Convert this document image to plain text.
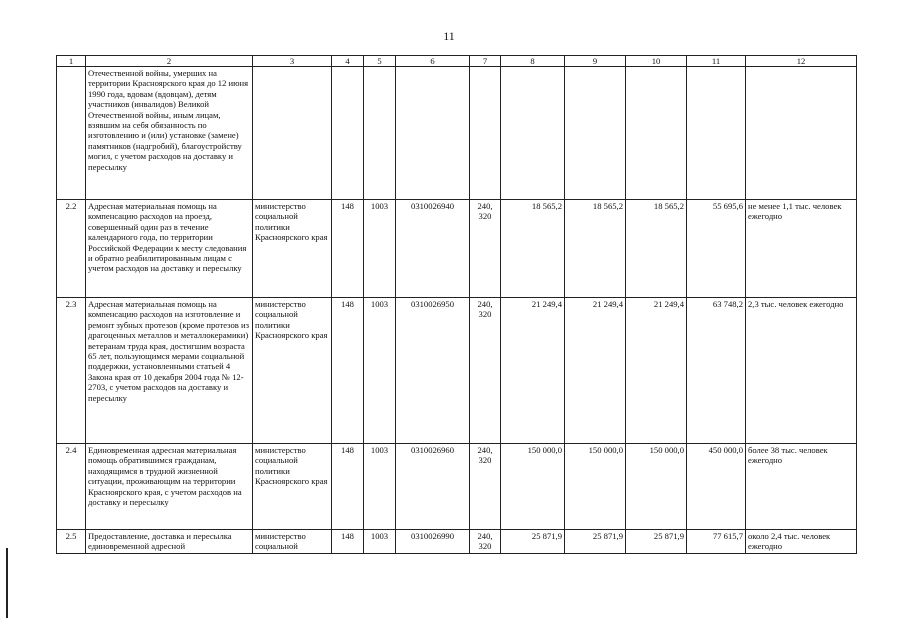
11
1	2	3	4	5	6	7	8	9	10	11	12
	Отечественной войны, умерших на территории Красноярского края до 12 июня 1990 года, вдовам (вдовцам), детям участников (инвалидов) Великой Отечественной войны, иным лицам, взявшим на себя обязанность по изготовлению и (или) установке (замене) памятников (надгробий), благоустройству могил, с учетом расходов на доставку и пересылку										
2.2	Адресная материальная помощь на компенсацию расходов на проезд, совершенный один раз в течение календарного года, по территории Российской Федерации к месту следования и обратно реабилитированным лицам с учетом расходов на доставку и пересылку	министерство социальной политики Красноярского края	148	1003	0310026940	240, 320	18 565,2	18 565,2	18 565,2	55 695,6	не менее 1,1 тыс. человек ежегодно
2.3	Адресная материальная помощь на компенсацию расходов на изготовление и ремонт зубных протезов (кроме протезов из драгоценных металлов и металлокерамики) ветеранам труда края, достигшим возраста 65 лет, пользующимся мерами социальной поддержки, установленными статьей 4 Закона края от 10 декабря 2004 года № 12-2703, с учетом расходов на доставку и пересылку	министерство социальной политики Красноярского края	148	1003	0310026950	240, 320	21 249,4	21 249,4	21 249,4	63 748,2	2,3 тыс. человек ежегодно
2.4	Единовременная адресная материальная помощь обратившимся гражданам, находящимся в трудной жизненной ситуации, проживающим на территории Красноярского края, с учетом расходов на доставку и пересылку	министерство социальной политики Красноярского края	148	1003	0310026960	240, 320	150 000,0	150 000,0	150 000,0	450 000,0	более 38 тыс. человек ежегодно
2.5	Предоставление, доставка и пересылка единовременной адресной	министерство социальной	148	1003	0310026990	240, 320	25 871,9	25 871,9	25 871,9	77 615,7	около 2,4 тыс. человек ежегодно
